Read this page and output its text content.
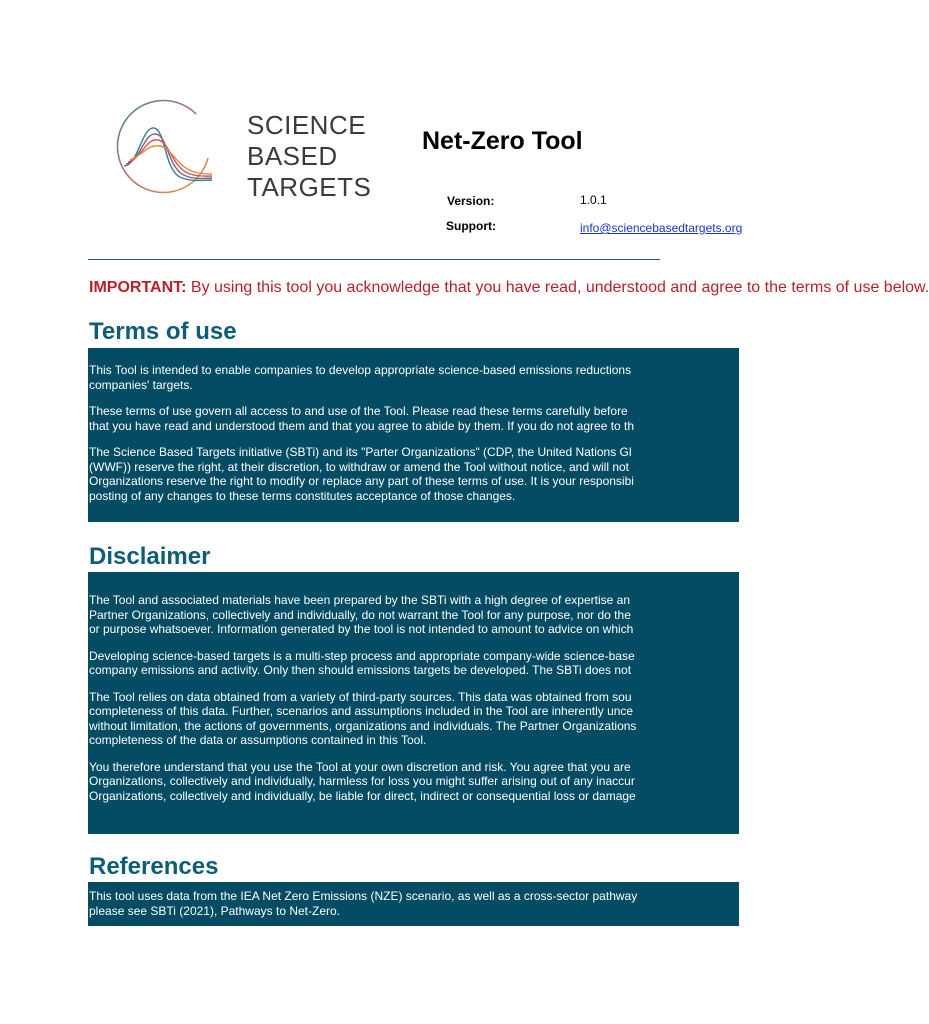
SCIENCE
BASED
TARGETS
Net-Zero Tool
Version:	1.0.1
Support:	info@sciencebasedtargets.org
IMPORTANT: By using this tool you acknowledge that you have read, understood and agree to the terms of use below.
Terms of use

This Tool is intended to enable companies to develop appropriate science-based emissions reductions
companies' targets.

These terms of use govern all access to and use of the Tool. Please read these terms carefully before
that you have read and understood them and that you agree to abide by them. If you do not agree to th

The Science Based Targets initiative (SBTi) and its "Parter Organizations" (CDP, the United Nations Gl
(WWF)) reserve the right, at their discretion, to withdraw or amend the Tool without notice, and will not
Organizations reserve the right to modify or replace any part of these terms of use. It is your responsibi
posting of any changes to these terms constitutes acceptance of those changes.

Disclaimer

The Tool and associated materials have been prepared by the SBTi with a high degree of expertise an
Partner Organizations, collectively and individually, do not warrant the Tool for any purpose, nor do the
or purpose whatsoever. Information generated by the tool is not intended to amount to advice on which

Developing science-based targets is a multi-step process and appropriate company-wide science-base
company emissions and activity. Only then should emissions targets be developed. The SBTi does not

The Tool relies on data obtained from a variety of third-party sources. This data was obtained from sou
completeness of this data. Further, scenarios and assumptions included in the Tool are inherently unce
without limitation, the actions of governments, organizations and individuals. The Partner Organizations
completeness of the data or assumptions contained in this Tool.

You therefore understand that you use the Tool at your own discretion and risk. You agree that you are
Organizations, collectively and individually, harmless for loss you might suffer arising out of any inaccur
Organizations, collectively and individually, be liable for direct, indirect or consequential loss or damage

References

This tool uses data from the IEA Net Zero Emissions (NZE) scenario, as well as a cross-sector pathway
please see SBTi (2021), Pathways to Net-Zero.
